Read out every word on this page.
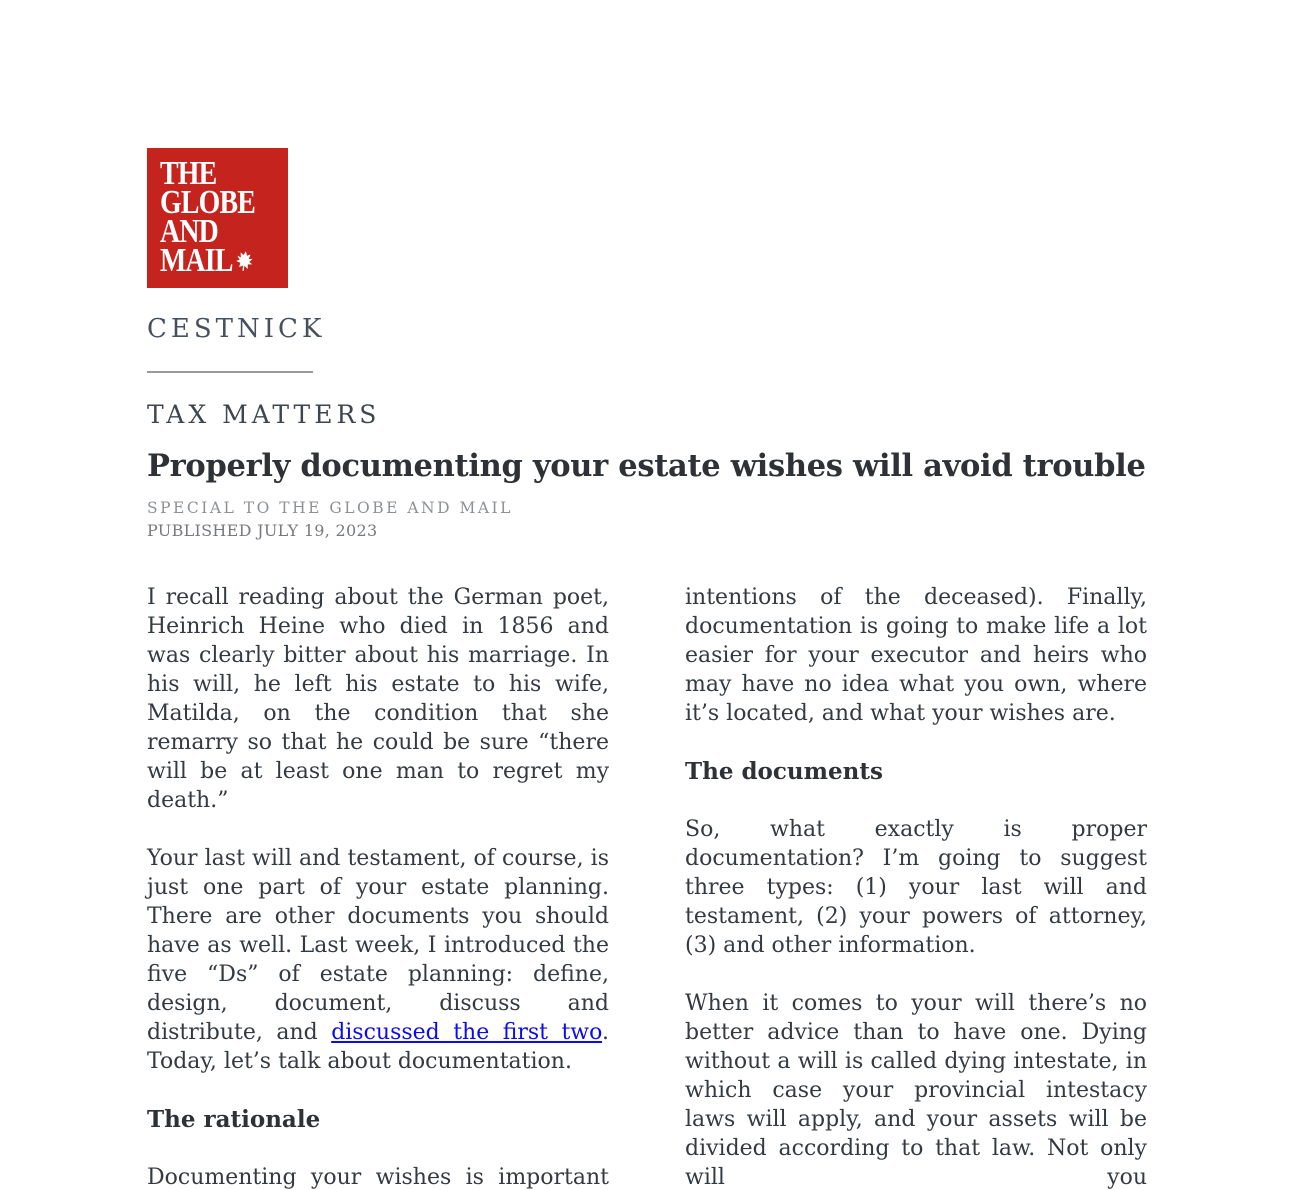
THE
GLOBE
AND
MAIL
CESTNICK
TAX MATTERS
Properly documenting your estate wishes will avoid trouble
SPECIAL TO THE GLOBE AND MAIL
PUBLISHED JULY 19, 2023

I recall reading about the German poet, Heinrich Heine who died in 1856 and was clearly bitter about his marriage. In his will, he left his estate to his wife, Matilda, on the condition that she remarry so that he could be sure “there will be at least one man to regret my death.”

Your last will and testament, of course, is just one part of your estate planning. There are other documents you should have as well. Last week, I introduced the five “Ds” of estate planning: define, design, document, discuss and distribute, and discussed the first two. Today, let’s talk about documentation.

The rationale

Documenting your wishes is important

intentions of the deceased). Finally, documentation is going to make life a lot easier for your executor and heirs who may have no idea what you own, where it’s located, and what your wishes are.

The documents

So, what exactly is proper documentation? I’m going to suggest three types: (1) your last will and testament, (2) your powers of attorney, (3) and other information.

When it comes to your will there’s no better advice than to have one. Dying without a will is called dying intestate, in which case your provincial intestacy laws will apply, and your assets will be divided according to that law. Not only will you
